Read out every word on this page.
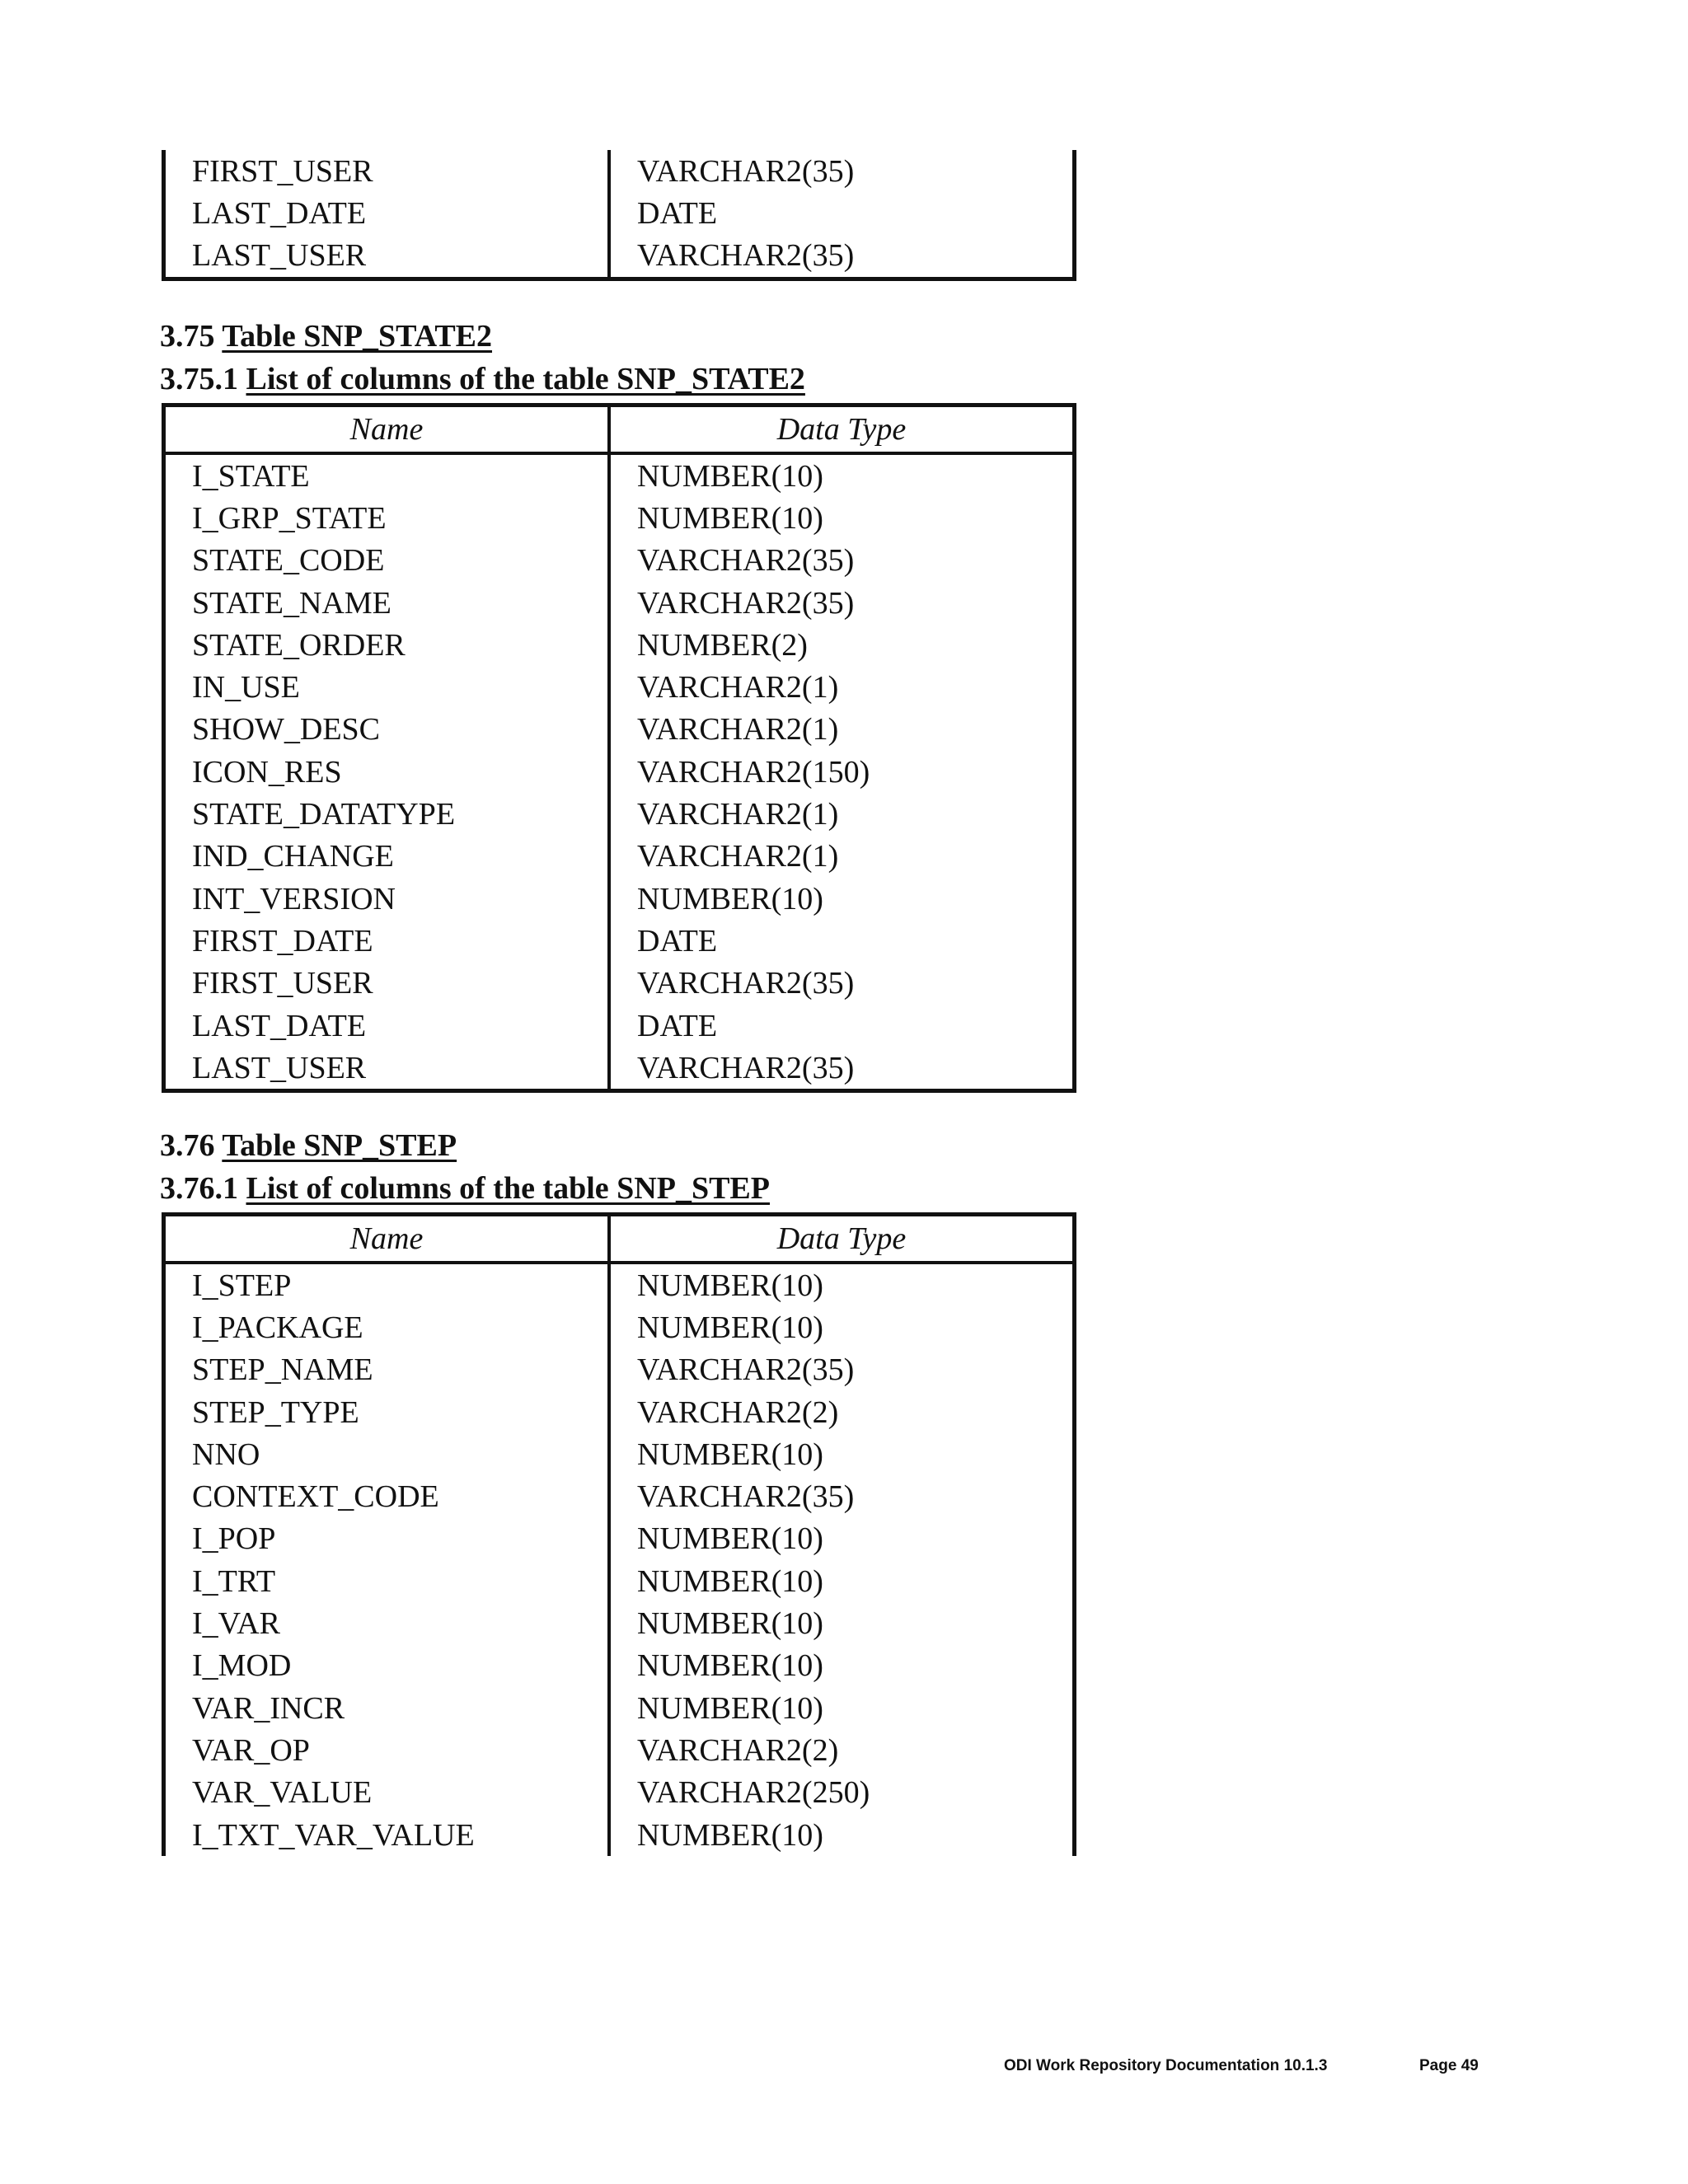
FIRST_USER	VARCHAR2(35)
LAST_DATE	DATE
LAST_USER	VARCHAR2(35)
3.75 Table SNP_STATE2
3.75.1 List of columns of the table SNP_STATE2
Name	Data Type
I_STATE	NUMBER(10)
I_GRP_STATE	NUMBER(10)
STATE_CODE	VARCHAR2(35)
STATE_NAME	VARCHAR2(35)
STATE_ORDER	NUMBER(2)
IN_USE	VARCHAR2(1)
SHOW_DESC	VARCHAR2(1)
ICON_RES	VARCHAR2(150)
STATE_DATATYPE	VARCHAR2(1)
IND_CHANGE	VARCHAR2(1)
INT_VERSION	NUMBER(10)
FIRST_DATE	DATE
FIRST_USER	VARCHAR2(35)
LAST_DATE	DATE
LAST_USER	VARCHAR2(35)
3.76 Table SNP_STEP
3.76.1 List of columns of the table SNP_STEP
Name	Data Type
I_STEP	NUMBER(10)
I_PACKAGE	NUMBER(10)
STEP_NAME	VARCHAR2(35)
STEP_TYPE	VARCHAR2(2)
NNO	NUMBER(10)
CONTEXT_CODE	VARCHAR2(35)
I_POP	NUMBER(10)
I_TRT	NUMBER(10)
I_VAR	NUMBER(10)
I_MOD	NUMBER(10)
VAR_INCR	NUMBER(10)
VAR_OP	VARCHAR2(2)
VAR_VALUE	VARCHAR2(250)
I_TXT_VAR_VALUE	NUMBER(10)
ODI Work Repository Documentation 10.1.3	Page 49
